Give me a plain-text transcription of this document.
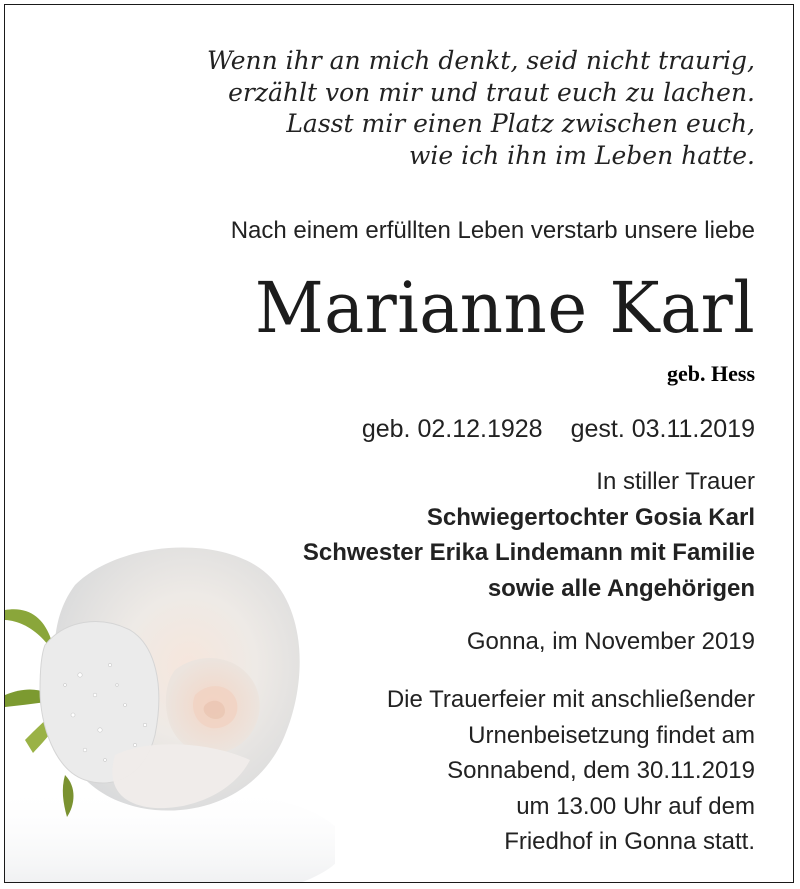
Wenn ihr an mich denkt, seid nicht traurig,
erzählt von mir und traut euch zu lachen.
Lasst mir einen Platz zwischen euch,
wie ich ihn im Leben hatte.
Nach einem erfüllten Leben verstarb unsere liebe
Marianne Karl
geb. Hess
geb. 02.12.1928 gest. 03.11.2019
In stiller Trauer
Schwiegertochter Gosia Karl
Schwester Erika Lindemann mit Familie
sowie alle Angehörigen
Gonna, im November 2019
Die Trauerfeier mit anschließender
Urnenbeisetzung findet am
Sonnabend, dem 30.11.2019
um 13.00 Uhr auf dem
Friedhof in Gonna statt.
